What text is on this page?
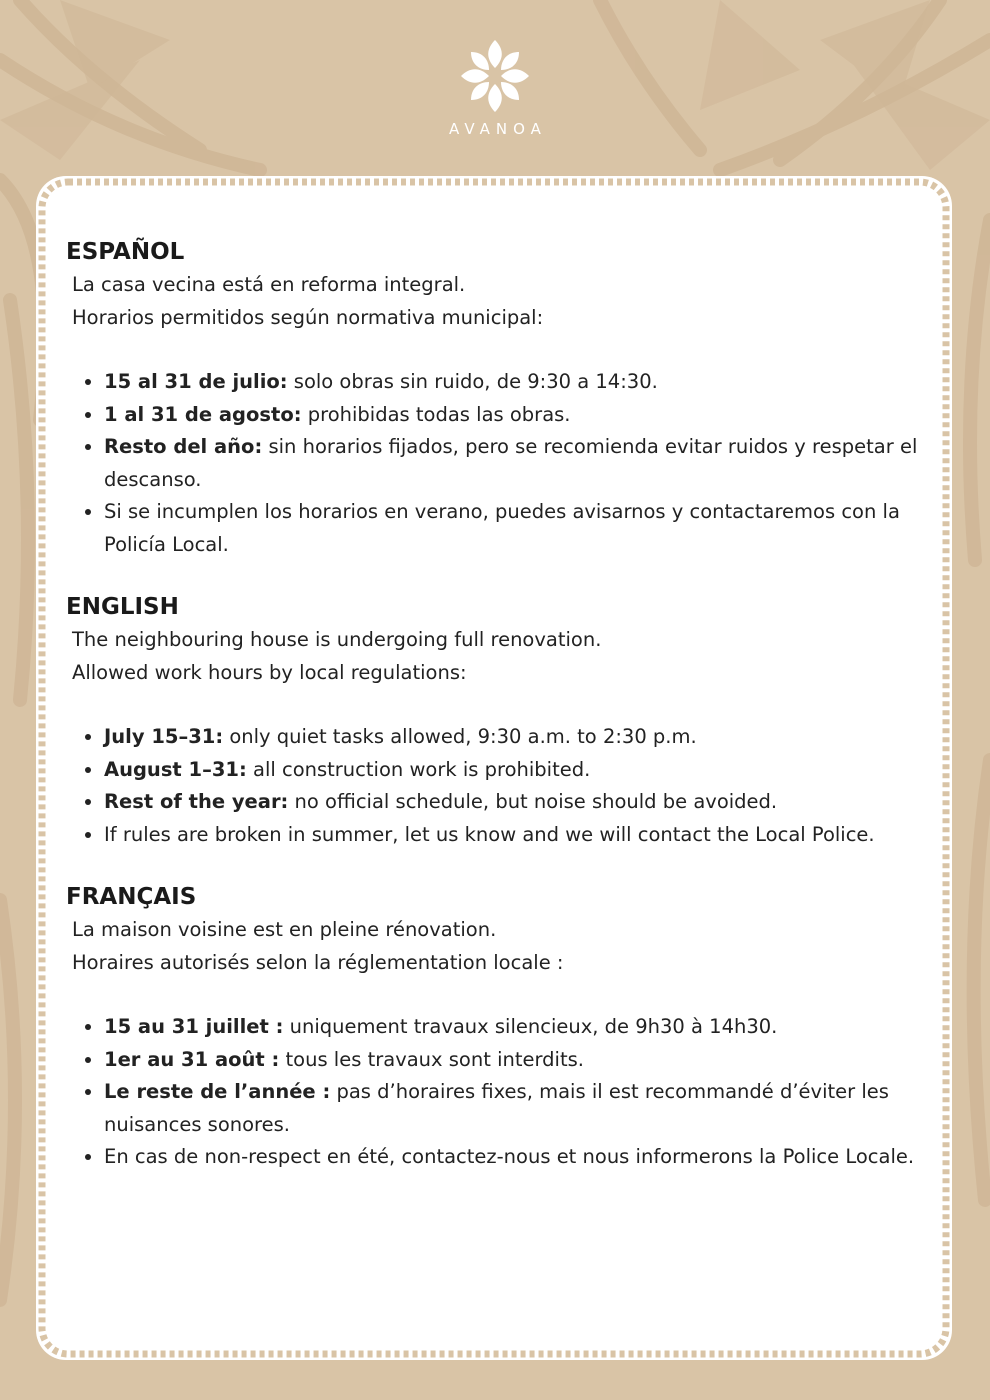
AVANOA
ESPAÑOL

La casa vecina está en reforma integral.

Horarios permitidos según normativa municipal:

• 15 al 31 de julio: solo obras sin ruido, de 9:30 a 14:30.
• 1 al 31 de agosto: prohibidas todas las obras.
• Resto del año: sin horarios fijados, pero se recomienda evitar ruidos y respetar el descanso.
• Si se incumplen los horarios en verano, puedes avisarnos y contactaremos con la Policía Local.
ENGLISH

The neighbouring house is undergoing full renovation.

Allowed work hours by local regulations:

• July 15–31: only quiet tasks allowed, 9:30 a.m. to 2:30 p.m.
• August 1–31: all construction work is prohibited.
• Rest of the year: no official schedule, but noise should be avoided.
• If rules are broken in summer, let us know and we will contact the Local Police.
FRANÇAIS

La maison voisine est en pleine rénovation.

Horaires autorisés selon la réglementation locale :

• 15 au 31 juillet : uniquement travaux silencieux, de 9h30 à 14h30.
• 1er au 31 août : tous les travaux sont interdits.
• Le reste de l’année : pas d’horaires fixes, mais il est recommandé d’éviter les nuisances sonores.
• En cas de non-respect en été, contactez-nous et nous informerons la Police Locale.
